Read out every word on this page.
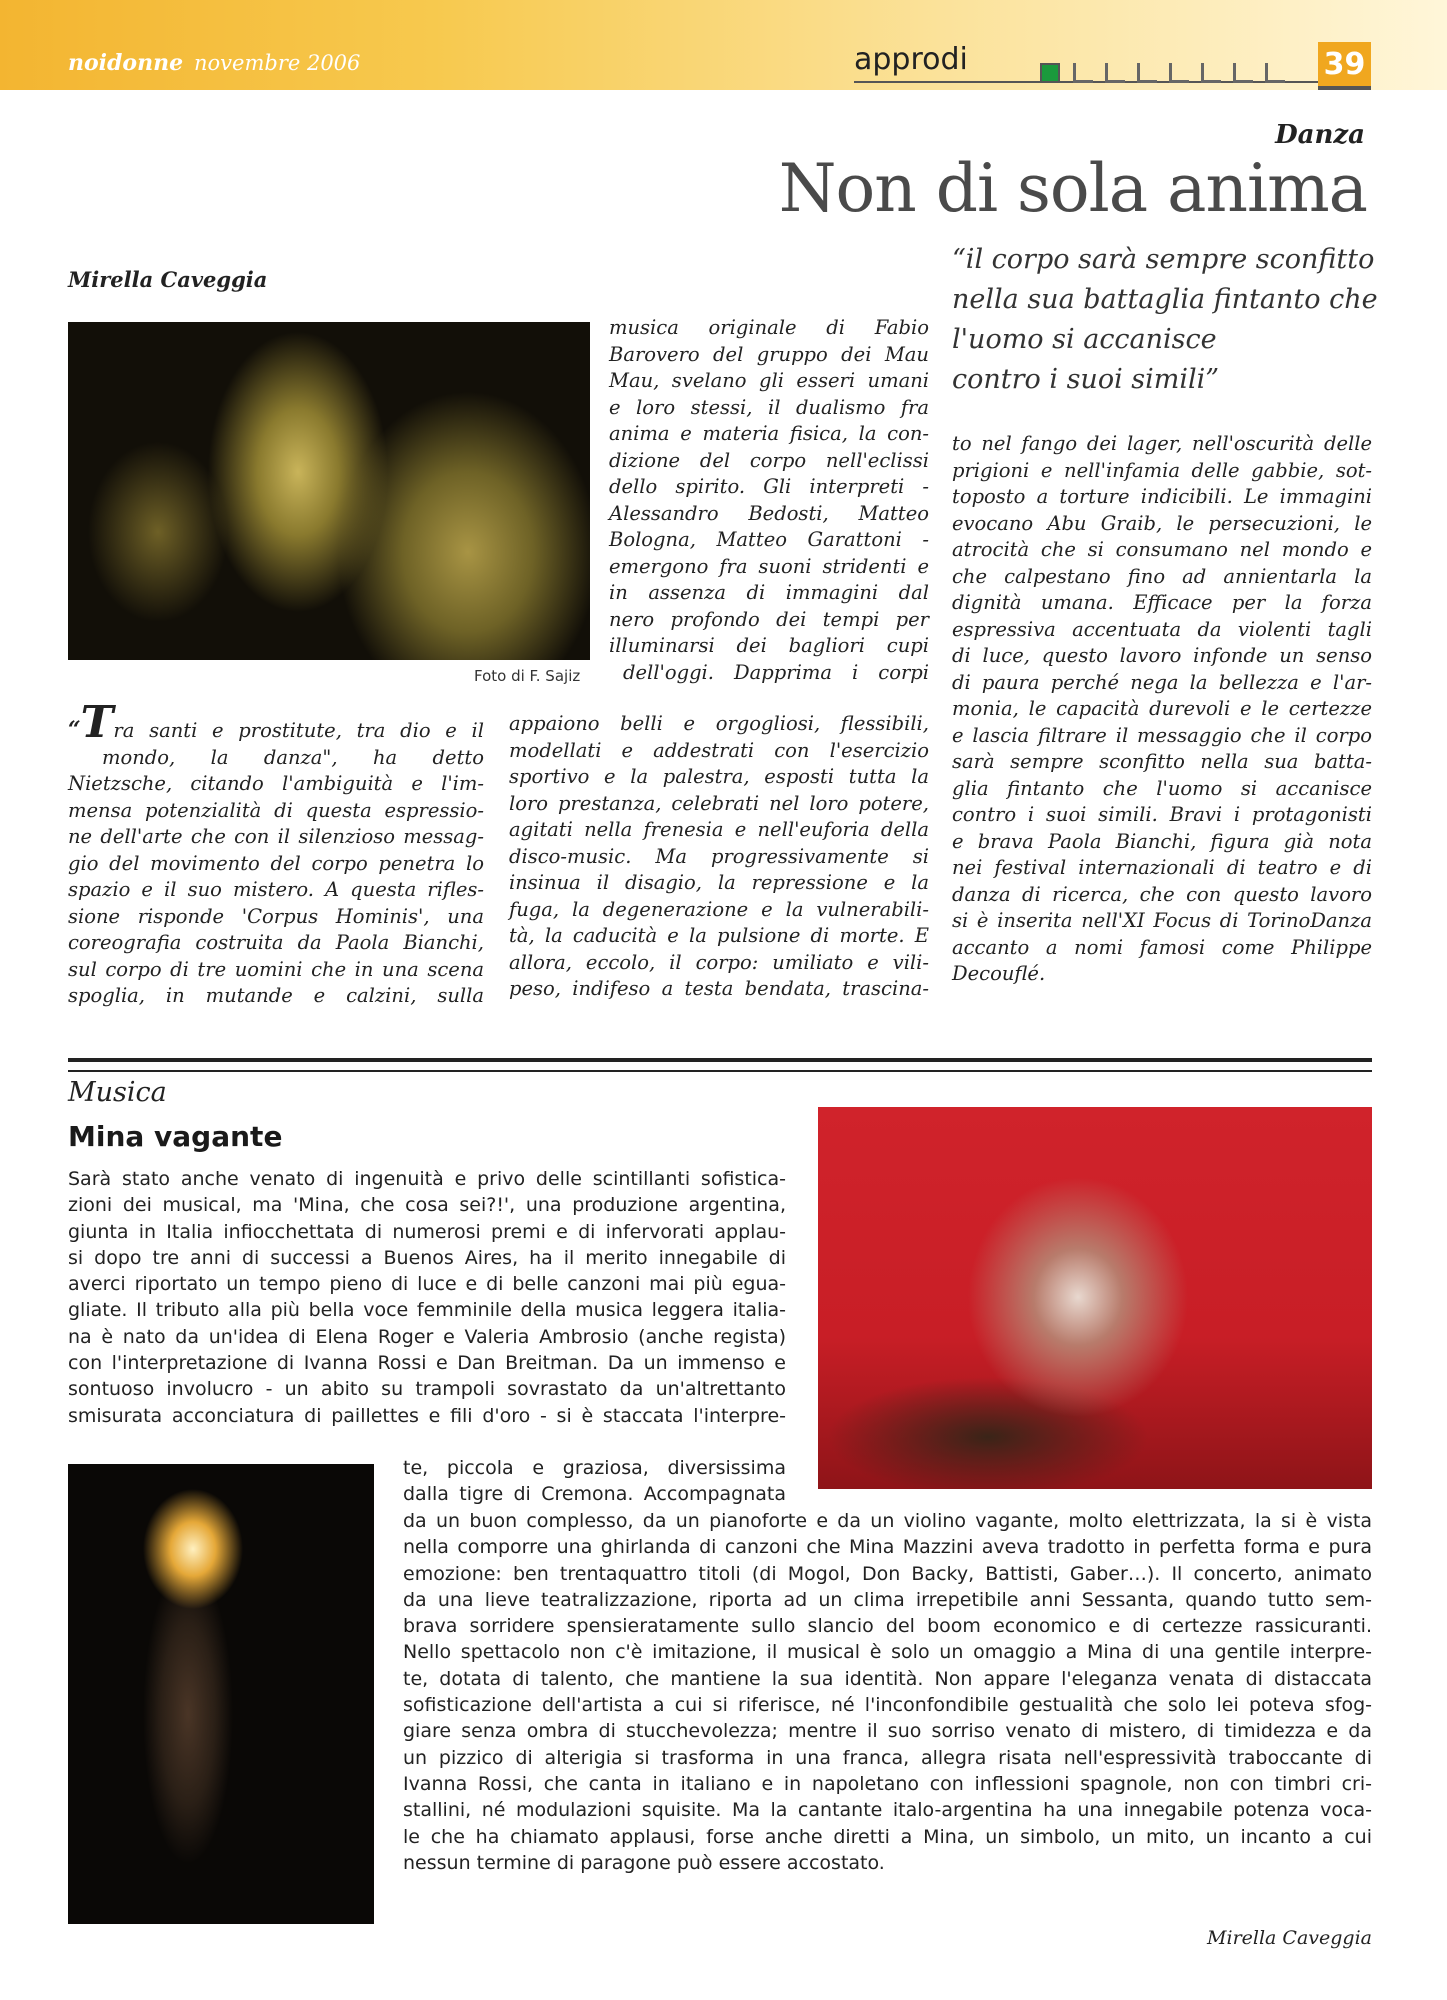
noidonne novembre 2006	approdi	39
Danza
Non di sola anima
“il corpo sarà sempre sconfitto
nella sua battaglia fintanto che
l'uomo si accanisce
contro i suoi simili”
Mirella Caveggia
Foto di F. Sajiz
“Tra santi e prostitute, tra dio e il
mondo, la danza", ha detto
Nietzsche, citando l'ambiguità e l'im-
mensa potenzialità di questa espressio-
ne dell'arte che con il silenzioso messag-
gio del movimento del corpo penetra lo
spazio e il suo mistero. A questa rifles-
sione risponde 'Corpus Hominis', una
coreografia costruita da Paola Bianchi,
sul corpo di tre uomini che in una scena
spoglia, in mutande e calzini, sulla
musica originale di Fabio
Barovero del gruppo dei Mau
Mau, svelano gli esseri umani
e loro stessi, il dualismo fra
anima e materia fisica, la con-
dizione del corpo nell'eclissi
dello spirito. Gli interpreti -
Alessandro Bedosti, Matteo
Bologna, Matteo Garattoni -
emergono fra suoni stridenti e
in assenza di immagini dal
nero profondo dei tempi per
illuminarsi dei bagliori cupi
dell'oggi. Dapprima i corpi
appaiono belli e orgogliosi, flessibili,
modellati e addestrati con l'esercizio
sportivo e la palestra, esposti tutta la
loro prestanza, celebrati nel loro potere,
agitati nella frenesia e nell'euforia della
disco-music. Ma progressivamente si
insinua il disagio, la repressione e la
fuga, la degenerazione e la vulnerabili-
tà, la caducità e la pulsione di morte. E
allora, eccolo, il corpo: umiliato e vili-
peso, indifeso a testa bendata, trascina-
to nel fango dei lager, nell'oscurità delle
prigioni e nell'infamia delle gabbie, sot-
toposto a torture indicibili. Le immagini
evocano Abu Graib, le persecuzioni, le
atrocità che si consumano nel mondo e
che calpestano fino ad annientarla la
dignità umana. Efficace per la forza
espressiva accentuata da violenti tagli
di luce, questo lavoro infonde un senso
di paura perché nega la bellezza e l'ar-
monia, le capacità durevoli e le certezze
e lascia filtrare il messaggio che il corpo
sarà sempre sconfitto nella sua batta-
glia fintanto che l'uomo si accanisce
contro i suoi simili. Bravi i protagonisti
e brava Paola Bianchi, figura già nota
nei festival internazionali di teatro e di
danza di ricerca, che con questo lavoro
si è inserita nell'XI Focus di TorinoDanza
accanto a nomi famosi come Philippe
Decouflé.
Musica
Mina vagante
Sarà stato anche venato di ingenuità e privo delle scintillanti sofistica-
zioni dei musical, ma 'Mina, che cosa sei?!', una produzione argentina,
giunta in Italia infiocchettata di numerosi premi e di infervorati applau-
si dopo tre anni di successi a Buenos Aires, ha il merito innegabile di
averci riportato un tempo pieno di luce e di belle canzoni mai più egua-
gliate. Il tributo alla più bella voce femminile della musica leggera italia-
na è nato da un'idea di Elena Roger e Valeria Ambrosio (anche regista)
con l'interpretazione di Ivanna Rossi e Dan Breitman. Da un immenso e
sontuoso involucro - un abito su trampoli sovrastato da un'altrettanto
smisurata acconciatura di paillettes e fili d'oro - si è staccata l'interpre-
te, piccola e graziosa, diversissima
dalla tigre di Cremona. Accompagnata
da un buon complesso, da un pianoforte e da un violino vagante, molto elettrizzata, la si è vista
nella comporre una ghirlanda di canzoni che Mina Mazzini aveva tradotto in perfetta forma e pura
emozione: ben trentaquattro titoli (di Mogol, Don Backy, Battisti, Gaber…). Il concerto, animato
da una lieve teatralizzazione, riporta ad un clima irrepetibile anni Sessanta, quando tutto sem-
brava sorridere spensieratamente sullo slancio del boom economico e di certezze rassicuranti.
Nello spettacolo non c'è imitazione, il musical è solo un omaggio a Mina di una gentile interpre-
te, dotata di talento, che mantiene la sua identità. Non appare l'eleganza venata di distaccata
sofisticazione dell'artista a cui si riferisce, né l'inconfondibile gestualità che solo lei poteva sfog-
giare senza ombra di stucchevolezza; mentre il suo sorriso venato di mistero, di timidezza e da
un pizzico di alterigia si trasforma in una franca, allegra risata nell'espressività traboccante di
Ivanna Rossi, che canta in italiano e in napoletano con inflessioni spagnole, non con timbri cri-
stallini, né modulazioni squisite. Ma la cantante italo-argentina ha una innegabile potenza voca-
le che ha chiamato applausi, forse anche diretti a Mina, un simbolo, un mito, un incanto a cui
nessun termine di paragone può essere accostato.
Mirella Caveggia
